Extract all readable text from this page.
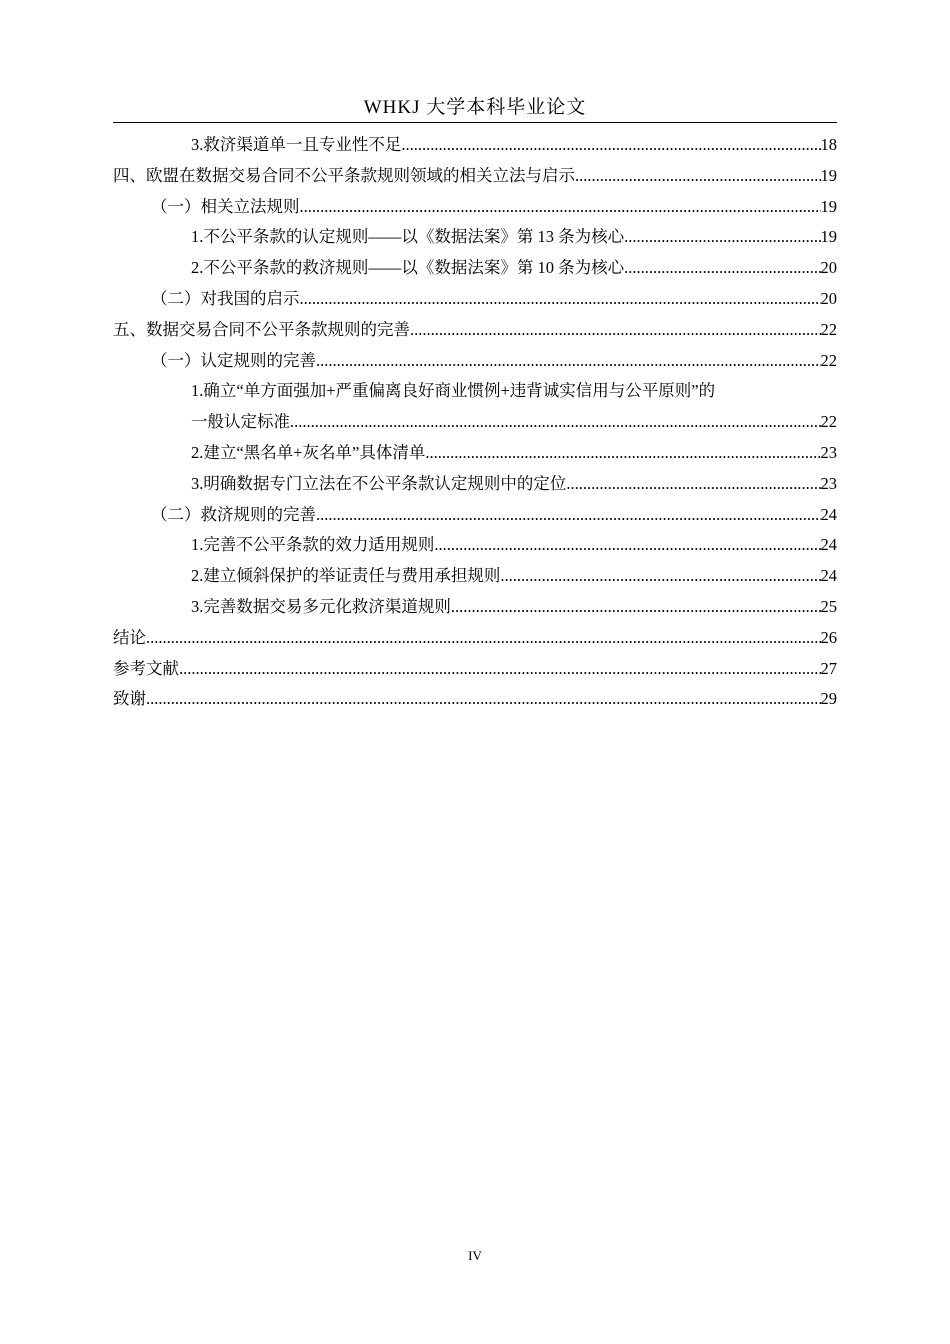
WHKJ 大学本科毕业论文
3.救济渠道单一且专业性不足 .....	18
四、欧盟在数据交易合同不公平条款规则领域的相关立法与启示 .....	19
（一）相关立法规则 .....	19
1.不公平条款的认定规则——以《数据法案》第 13 条为核心 .....	19
2.不公平条款的救济规则——以《数据法案》第 10 条为核心 .....	20
（二）对我国的启示 .....	20
五、数据交易合同不公平条款规则的完善 .....	22
（一）认定规则的完善 .....	22
1.确立“单方面强加+严重偏离良好商业惯例+违背诚实信用与公平原则”的
一般认定标准 .....	22
2.建立“黑名单+灰名单”具体清单 .....	23
3.明确数据专门立法在不公平条款认定规则中的定位 .....	23
（二）救济规则的完善 .....	24
1.完善不公平条款的效力适用规则 .....	24
2.建立倾斜保护的举证责任与费用承担规则 .....	24
3.完善数据交易多元化救济渠道规则 .....	25
结论 .....	26
参考文献 .....	27
致谢 .....	29
IV
